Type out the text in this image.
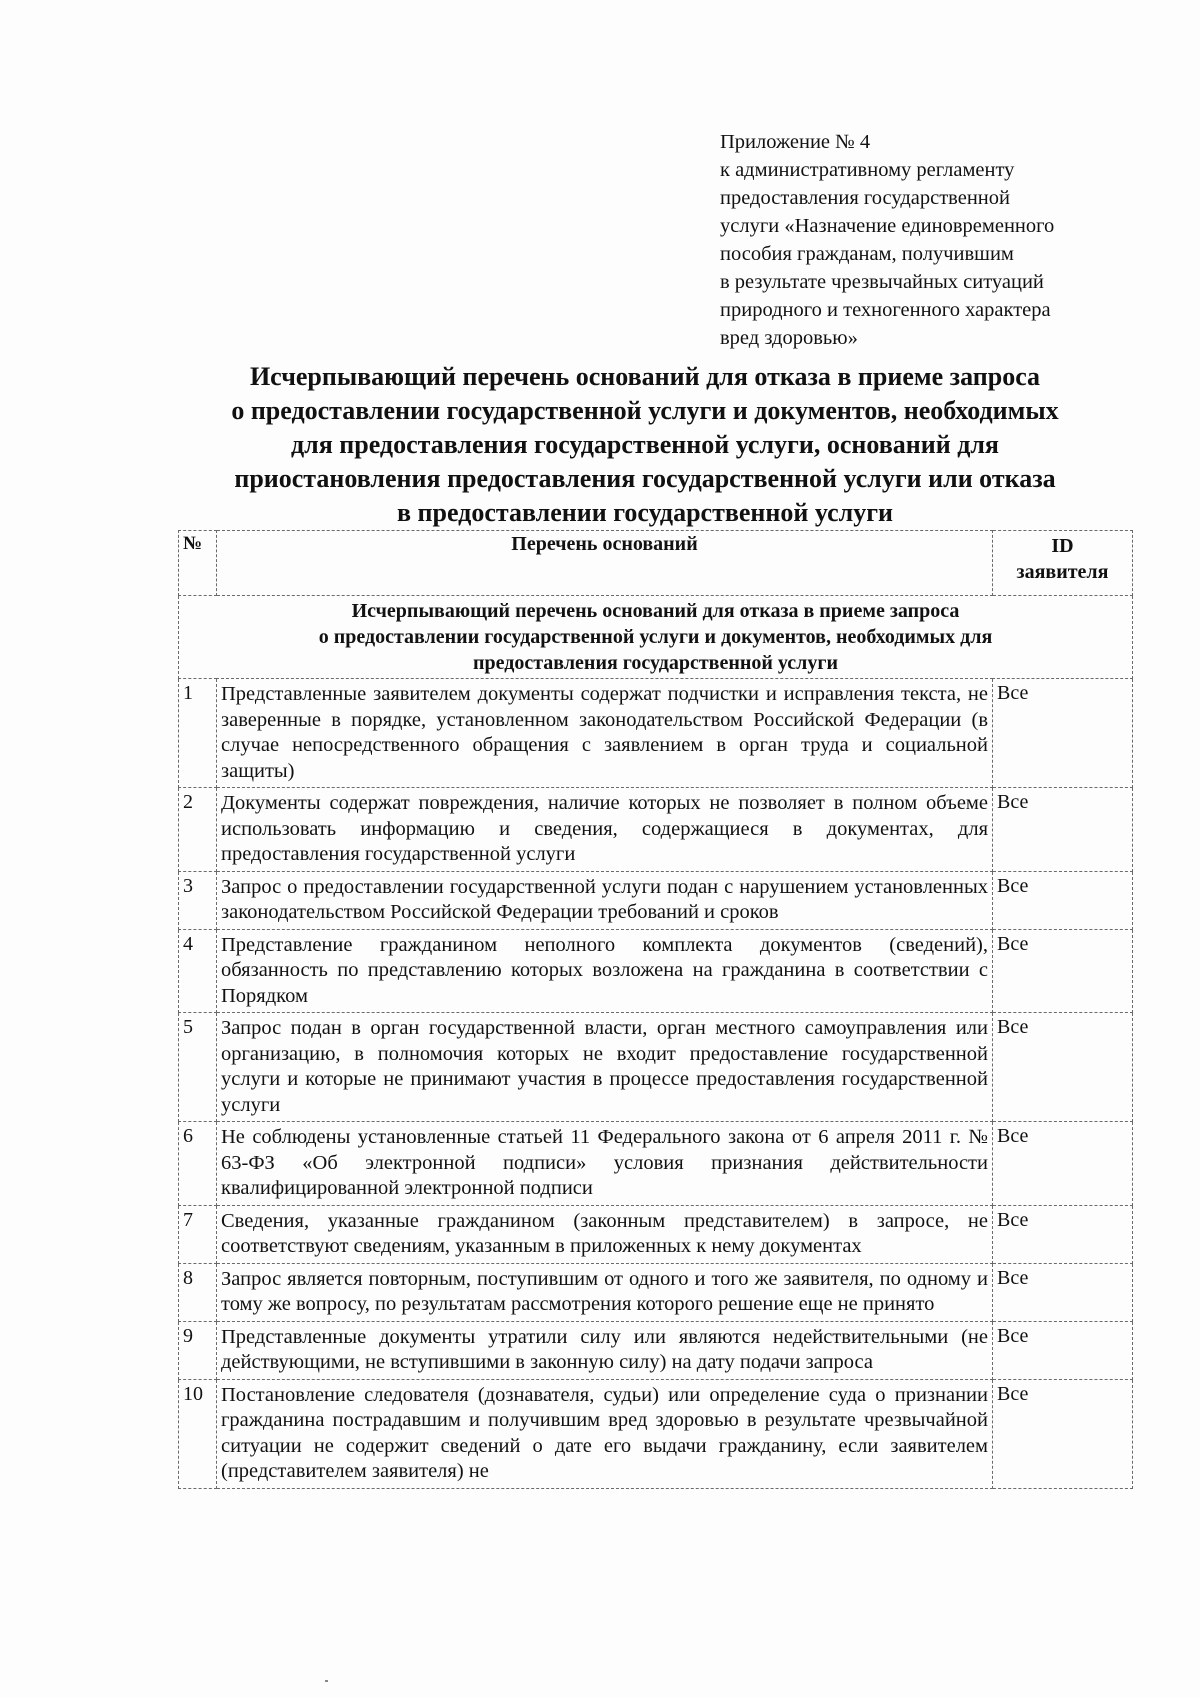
Приложение № 4
к административному регламенту
предоставления государственной
услуги «Назначение единовременного
пособия гражданам, получившим
в результате чрезвычайных ситуаций
природного и техногенного характера
вред здоровью»
Исчерпывающий перечень оснований для отказа в приеме запроса
о предоставлении государственной услуги и документов, необходимых
для предоставления государственной услуги, оснований для
приостановления предоставления государственной услуги или отказа
в предоставлении государственной услуги
№	Перечень оснований	ID
заявителя

Исчерпывающий перечень оснований для отказа в приеме запроса
о предоставлении государственной услуги и документов, необходимых для
предоставления государственной услуги		

1	Представленные заявителем документы содержат подчистки и исправления текста, не заверенные в порядке, установленном законодательством Российской Федерации (в случае непосредственного обращения с заявлением в орган труда и социальной защиты)	Все
2	Документы содержат повреждения, наличие которых не позволяет в полном объеме использовать информацию и сведения, содержащиеся в документах, для предоставления государственной услуги	Все
3	Запрос о предоставлении государственной услуги подан с нарушением установленных законодательством Российской Федерации требований и сроков	Все
4	Представление гражданином неполного комплекта документов (сведений), обязанность по представлению которых возложена на гражданина в соответствии с Порядком	Все
5	Запрос подан в орган государственной власти, орган местного самоуправления или организацию, в полномочия которых не входит предоставление государственной услуги и которые не принимают участия в процессе предоставления государственной услуги	Все
6	Не соблюдены установленные статьей 11 Федерального закона от 6 апреля 2011 г. № 63-ФЗ «Об электронной подписи» условия признания действительности квалифицированной электронной подписи	Все
7	Сведения, указанные гражданином (законным представителем) в запросе, не соответствуют сведениям, указанным в приложенных к нему документах	Все
8	Запрос является повторным, поступившим от одного и того же заявителя, по одному и тому же вопросу, по результатам рассмотрения которого решение еще не принято	Все
9	Представленные документы утратили силу или являются недействительными (не действующими, не вступившими в законную силу) на дату подачи запроса	Все
10	Постановление следователя (дознавателя, судьи) или определение суда о признании гражданина пострадавшим и получившим вред здоровью в результате чрезвычайной ситуации не содержит сведений о дате его выдачи гражданину, если заявителем (представителем заявителя) не	Все
